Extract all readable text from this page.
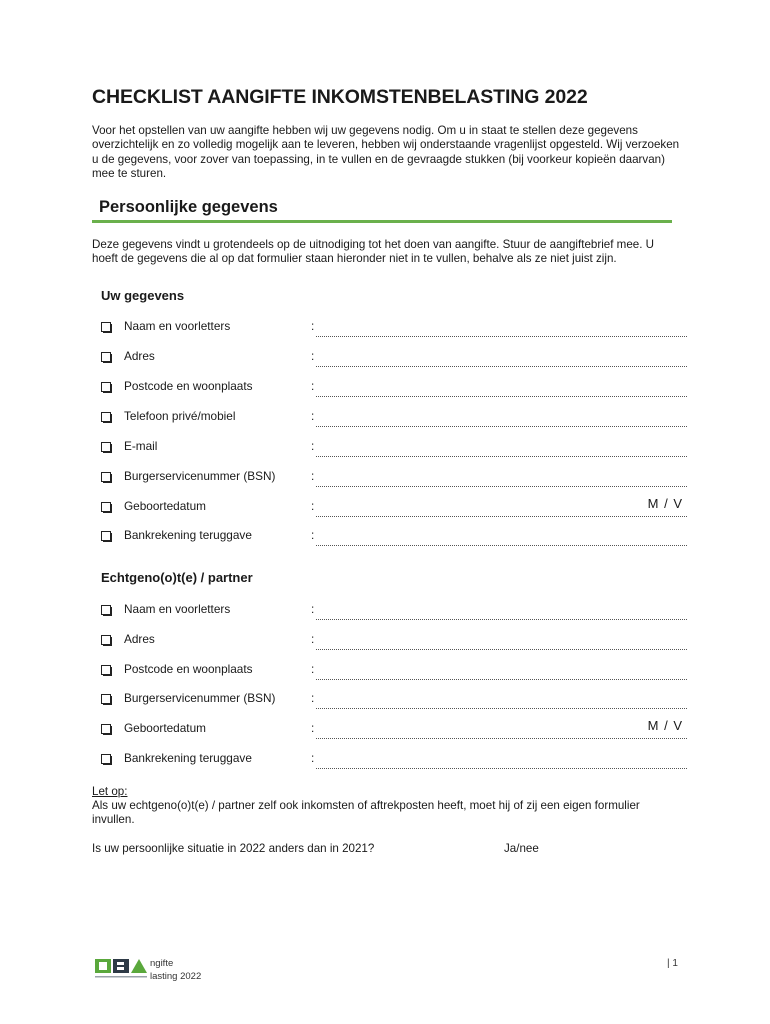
CHECKLIST AANGIFTE INKOMSTENBELASTING 2022
Voor het opstellen van uw aangifte hebben wij uw gegevens nodig. Om u in staat te stellen deze gegevens overzichtelijk en zo volledig mogelijk aan te leveren, hebben wij onderstaande vragenlijst opgesteld. Wij verzoeken u de gegevens, voor zover van toepassing, in te vullen en de gevraagde stukken (bij voorkeur kopieën daarvan) mee te sturen.
Persoonlijke gegevens
Deze gegevens vindt u grotendeels op de uitnodiging tot het doen van aangifte. Stuur de aangiftebrief mee. U hoeft de gegevens die al op dat formulier staan hieronder niet in te vullen, behalve als ze niet juist zijn.
Uw gegevens
Naam en voorletters	:
Adres	:
Postcode en woonplaats	:
Telefoon privé/mobiel	:
E-mail	:
Burgerservicenummer (BSN)	:
Geboortedatum	:	M / V
Bankrekening teruggave	:
Echtgeno(o)t(e) / partner
Naam en voorletters	:
Adres	:
Postcode en woonplaats	:
Burgerservicenummer (BSN)	:
Geboortedatum	:	M / V
Bankrekening teruggave	:
Let op:
Als uw echtgeno(o)t(e) / partner zelf ook inkomsten of aftrekposten heeft, moet hij of zij een eigen formulier invullen.
Is uw persoonlijke situatie in 2022 anders dan in 2021?	Ja/nee
ngifte
lasting 2022
| 1
